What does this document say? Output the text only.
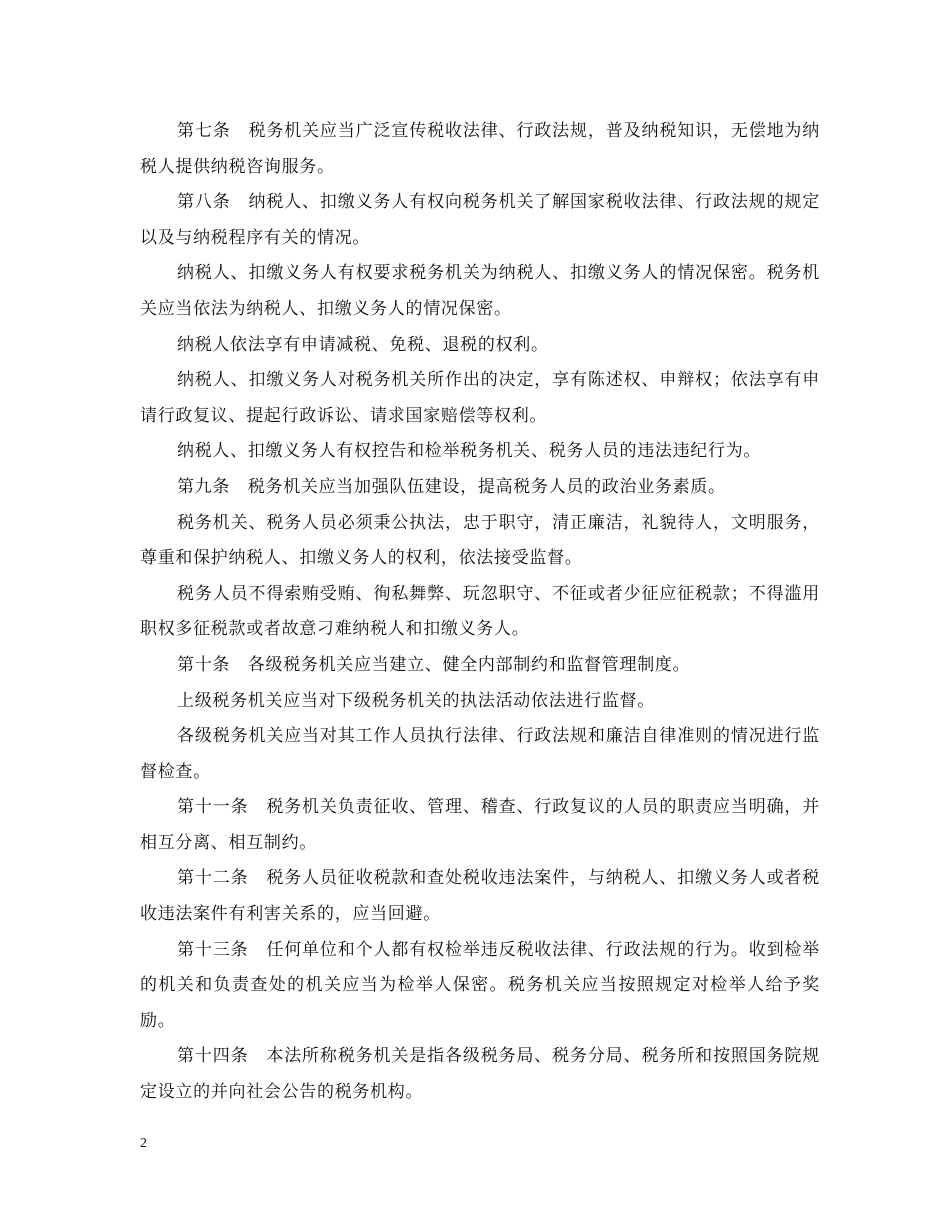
第七条　税务机关应当广泛宣传税收法律、行政法规，普及纳税知识，无偿地为纳税人提供纳税咨询服务。

第八条　纳税人、扣缴义务人有权向税务机关了解国家税收法律、行政法规的规定以及与纳税程序有关的情况。

纳税人、扣缴义务人有权要求税务机关为纳税人、扣缴义务人的情况保密。税务机关应当依法为纳税人、扣缴义务人的情况保密。

纳税人依法享有申请减税、免税、退税的权利。

纳税人、扣缴义务人对税务机关所作出的决定，享有陈述权、申辩权；依法享有申请行政复议、提起行政诉讼、请求国家赔偿等权利。

纳税人、扣缴义务人有权控告和检举税务机关、税务人员的违法违纪行为。

第九条　税务机关应当加强队伍建设，提高税务人员的政治业务素质。

税务机关、税务人员必须秉公执法，忠于职守，清正廉洁，礼貌待人，文明服务，尊重和保护纳税人、扣缴义务人的权利，依法接受监督。

税务人员不得索贿受贿、徇私舞弊、玩忽职守、不征或者少征应征税款；不得滥用职权多征税款或者故意刁难纳税人和扣缴义务人。

第十条　各级税务机关应当建立、健全内部制约和监督管理制度。

上级税务机关应当对下级税务机关的执法活动依法进行监督。

各级税务机关应当对其工作人员执行法律、行政法规和廉洁自律准则的情况进行监督检查。

第十一条　税务机关负责征收、管理、稽查、行政复议的人员的职责应当明确，并相互分离、相互制约。

第十二条　税务人员征收税款和查处税收违法案件，与纳税人、扣缴义务人或者税收违法案件有利害关系的，应当回避。

第十三条　任何单位和个人都有权检举违反税收法律、行政法规的行为。收到检举的机关和负责查处的机关应当为检举人保密。税务机关应当按照规定对检举人给予奖励。

第十四条　本法所称税务机关是指各级税务局、税务分局、税务所和按照国务院规定设立的并向社会公告的税务机构。

2
